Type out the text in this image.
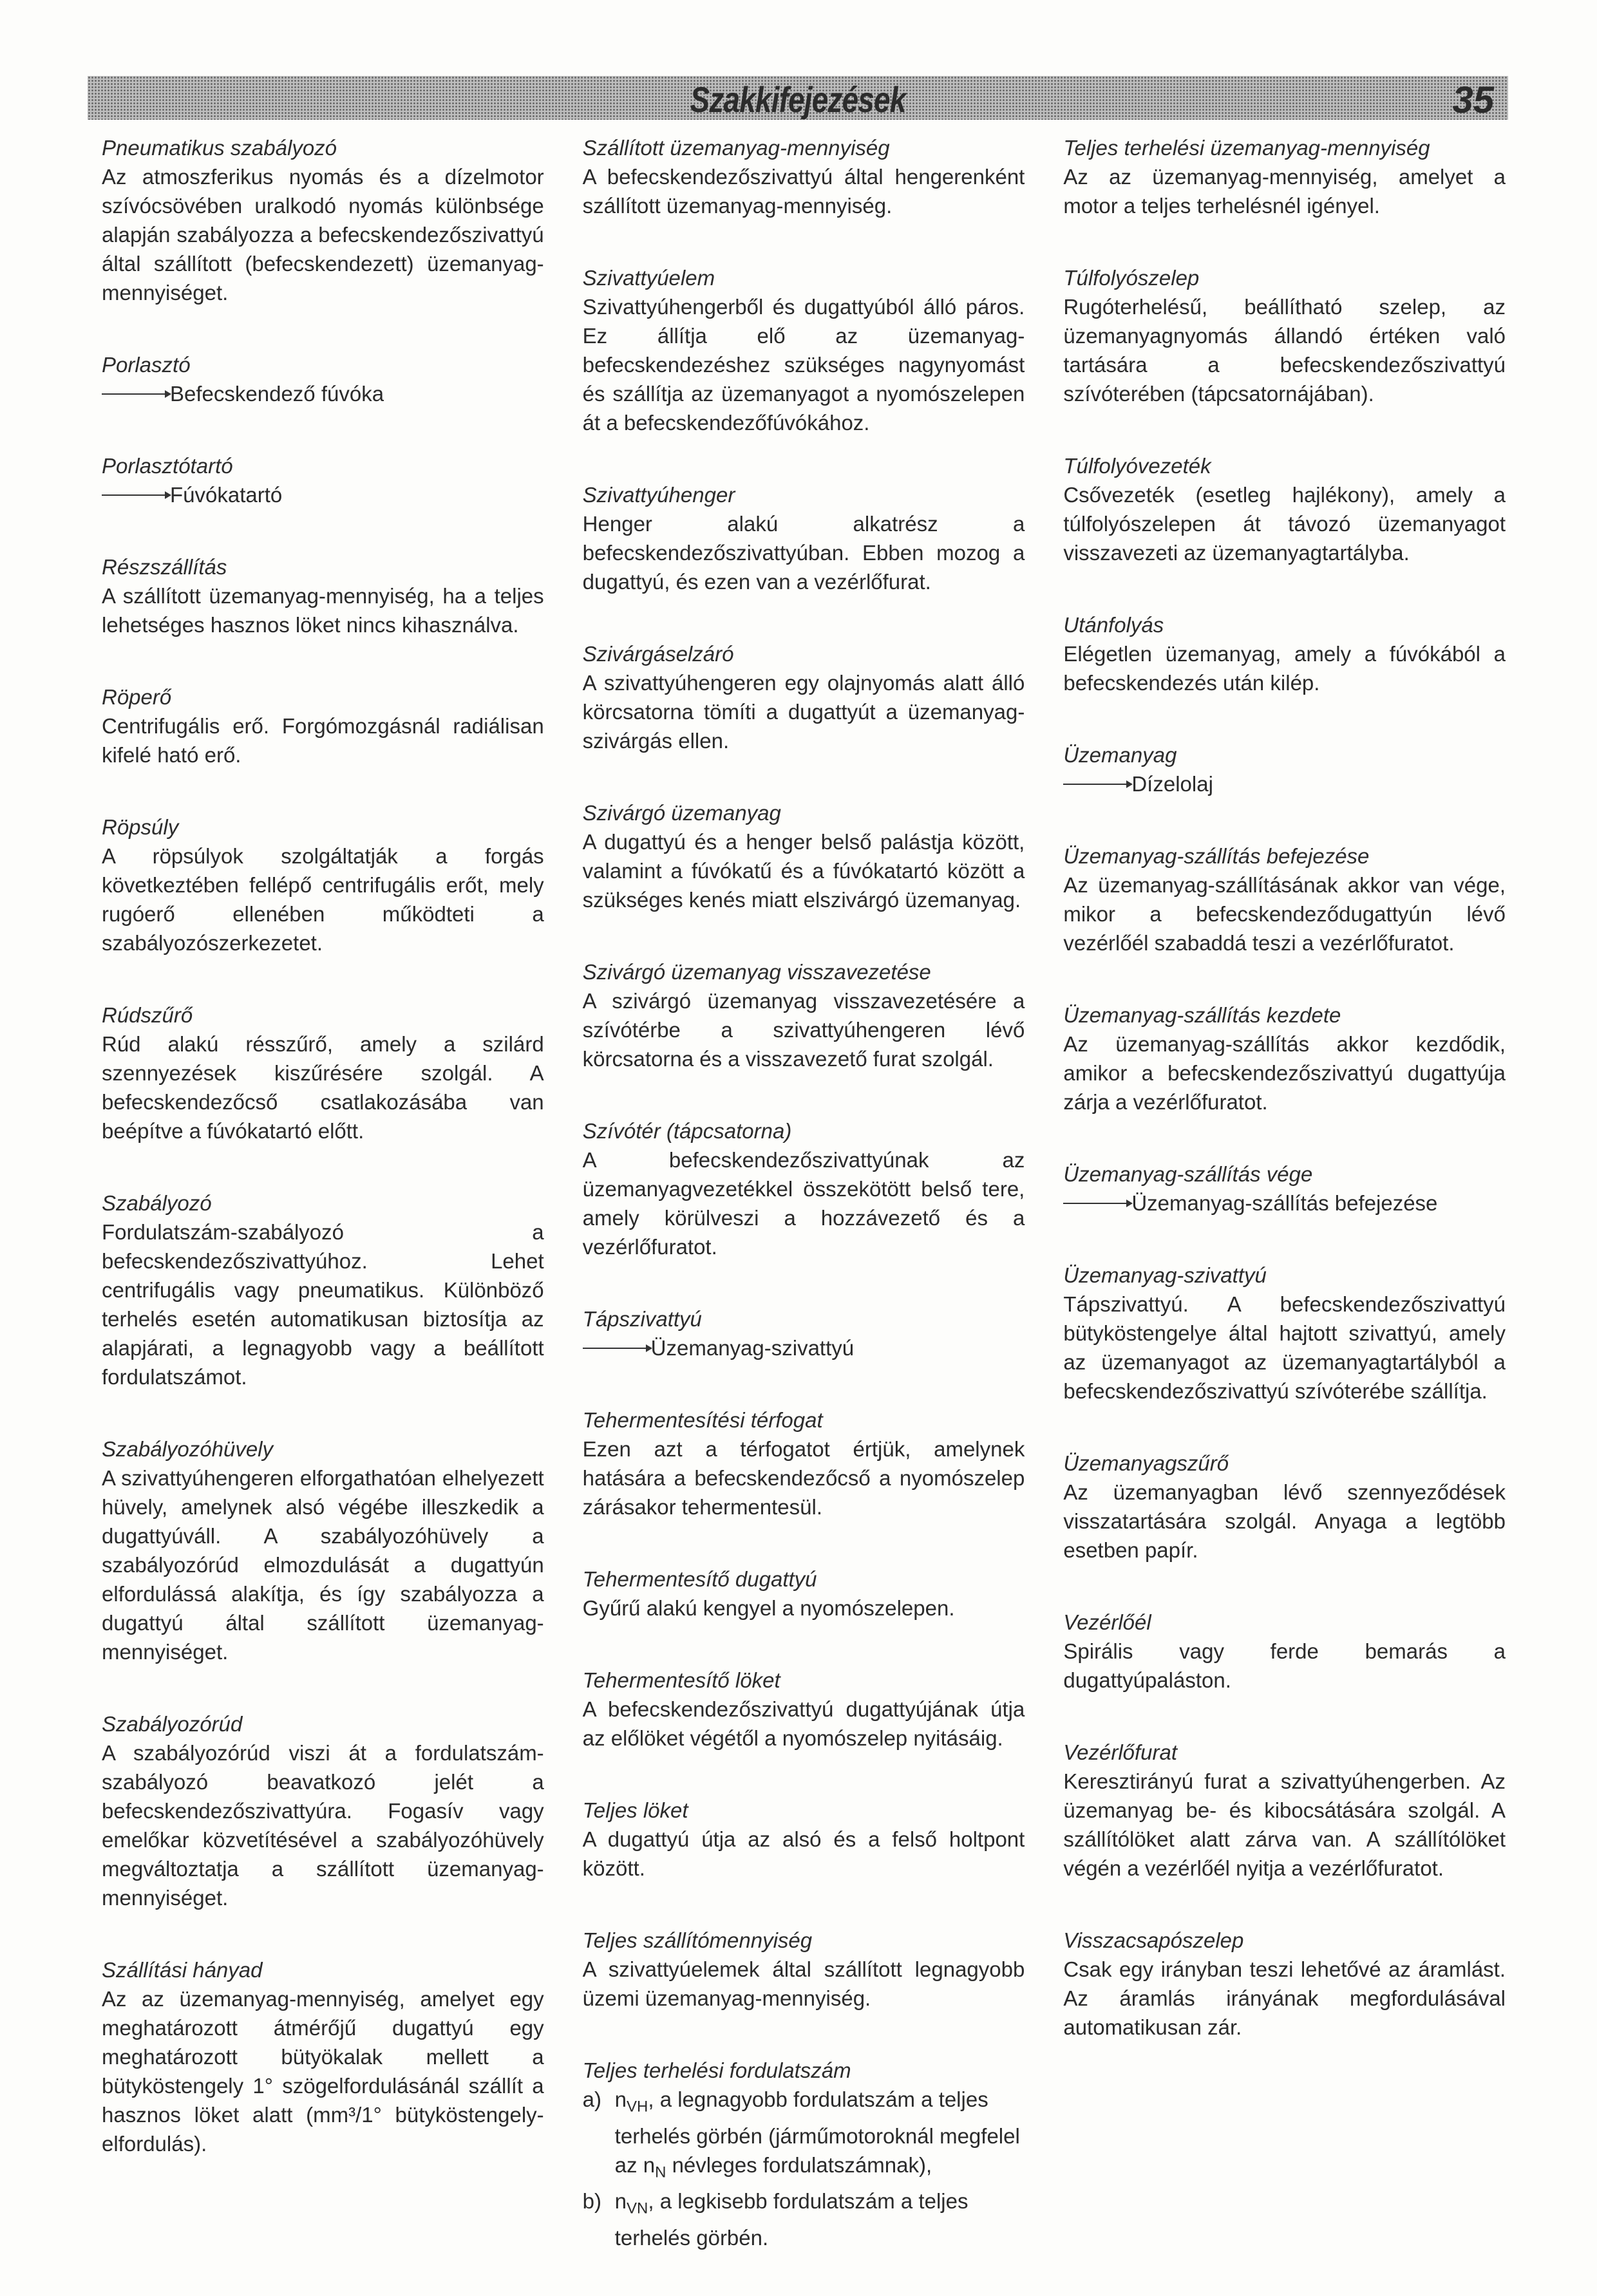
Szakkifejezések	35
Pneumatikus szabályozó
Az atmoszferikus nyomás és a dízelmotor szívócsövében uralkodó nyomás különbsége alapján szabályozza a befecskendezőszivattyú által szállított (befecskendezett) üzemanyag-mennyiséget.
Porlasztó
Befecskendező fúvóka
Porlasztótartó
Fúvókatartó
Részszállítás
A szállított üzemanyag-mennyiség, ha a teljes lehetséges hasznos löket nincs kihasználva.
Röperő
Centrifugális erő. Forgómozgásnál radiálisan kifelé ható erő.
Röpsúly
A röpsúlyok szolgáltatják a forgás következtében fellépő centrifugális erőt, mely rugóerő ellenében működteti a szabályozószerkezetet.
Rúdszűrő
Rúd alakú résszűrő, amely a szilárd szennyezések kiszűrésére szolgál. A befecskendezőcső csatlakozásába van beépítve a fúvókatartó előtt.
Szabályozó
Fordulatszám-szabályozó a befecskendezőszivattyúhoz. Lehet centrifugális vagy pneumatikus. Különböző terhelés esetén automatikusan biztosítja az alapjárati, a legnagyobb vagy a beállított fordulatszámot.
Szabályozóhüvely
A szivattyúhengeren elforgathatóan elhelyezett hüvely, amelynek alsó végébe illeszkedik a dugattyúváll. A szabályozóhüvely a szabályozórúd elmozdulását a dugattyún elfordulássá alakítja, és így szabályozza a dugattyú által szállított üzemanyag-mennyiséget.
Szabályozórúd
A szabályozórúd viszi át a fordulatszám-szabályozó beavatkozó jelét a befecskendezőszivattyúra. Fogasív vagy emelőkar közvetítésével a szabályozóhüvely megváltoztatja a szállított üzemanyag-mennyiséget.
Szállítási hányad
Az az üzemanyag-mennyiség, amelyet egy meghatározott átmérőjű dugattyú egy meghatározott bütyökalak mellett a bütyköstengely 1° szögelfordulásánál szállít a hasznos löket alatt (mm³/1° bütyköstengely-elfordulás).
Szállított üzemanyag-mennyiség
A befecskendezőszivattyú által hengerenként szállított üzemanyag-mennyiség.
Szivattyúelem
Szivattyúhengerből és dugattyúból álló páros. Ez állítja elő az üzemanyag-befecskendezéshez szükséges nagynyomást és szállítja az üzemanyagot a nyomószelepen át a befecskendezőfúvókához.
Szivattyúhenger
Henger alakú alkatrész a befecskendezőszivattyúban. Ebben mozog a dugattyú, és ezen van a vezérlőfurat.
Szivárgáselzáró
A szivattyúhengeren egy olajnyomás alatt álló körcsatorna tömíti a dugattyút a üzemanyag-szivárgás ellen.
Szivárgó üzemanyag
A dugattyú és a henger belső palástja között, valamint a fúvókatű és a fúvókatartó között a szükséges kenés miatt elszivárgó üzemanyag.
Szivárgó üzemanyag visszavezetése
A szivárgó üzemanyag visszavezetésére a szívótérbe a szivattyúhengeren lévő körcsatorna és a visszavezető furat szolgál.
Szívótér (tápcsatorna)
A befecskendezőszivattyúnak az üzemanyagvezetékkel összekötött belső tere, amely körülveszi a hozzávezető és a vezérlőfuratot.
Tápszivattyú
Üzemanyag-szivattyú
Tehermentesítési térfogat
Ezen azt a térfogatot értjük, amelynek hatására a befecskendezőcső a nyomószelep zárásakor tehermentesül.
Tehermentesítő dugattyú
Gyűrű alakú kengyel a nyomószelepen.
Tehermentesítő löket
A befecskendezőszivattyú dugattyújának útja az előlöket végétől a nyomószelep nyitásáig.
Teljes löket
A dugattyú útja az alsó és a felső holtpont között.
Teljes szállítómennyiség
A szivattyúelemek által szállított legnagyobb üzemi üzemanyag-mennyiség.
Teljes terhelési fordulatszám
a) $n_{VH}$, a legnagyobb fordulatszám a teljes terhelés görbén (járműmotoroknál megfelel az $n_N$ névleges fordulatszámnak),
b) $n_{VN}$, a legkisebb fordulatszám a teljes terhelés görbén.
Teljes terhelési üzemanyag-mennyiség
Az az üzemanyag-mennyiség, amelyet a motor a teljes terhelésnél igényel.
Túlfolyószelep
Rugóterhelésű, beállítható szelep, az üzemanyagnyomás állandó értéken való tartására a befecskendezőszivattyú szívóterében (tápcsatornájában).
Túlfolyóvezeték
Csővezeték (esetleg hajlékony), amely a túlfolyószelepen át távozó üzemanyagot visszavezeti az üzemanyagtartályba.
Utánfolyás
Elégetlen üzemanyag, amely a fúvókából a befecskendezés után kilép.
Üzemanyag
Dízelolaj
Üzemanyag-szállítás befejezése
Az üzemanyag-szállításának akkor van vége, mikor a befecskendeződugattyún lévő vezérlőél szabaddá teszi a vezérlőfuratot.
Üzemanyag-szállítás kezdete
Az üzemanyag-szállítás akkor kezdődik, amikor a befecskendezőszivattyú dugattyúja zárja a vezérlőfuratot.
Üzemanyag-szállítás vége
Üzemanyag-szállítás befejezése
Üzemanyag-szivattyú
Tápszivattyú. A befecskendezőszivattyú bütyköstengelye által hajtott szivattyú, amely az üzemanyagot az üzemanyagtartályból a befecskendezőszivattyú szívóterébe szállítja.
Üzemanyagszűrő
Az üzemanyagban lévő szennyeződések visszatartására szolgál. Anyaga a legtöbb esetben papír.
Vezérlőél
Spirális vagy ferde bemarás a dugattyúpaláston.
Vezérlőfurat
Keresztirányú furat a szivattyúhengerben. Az üzemanyag be- és kibocsátására szolgál. A szállítólöket alatt zárva van. A szállítólöket végén a vezérlőél nyitja a vezérlőfuratot.
Visszacsapószelep
Csak egy irányban teszi lehetővé az áramlást. Az áramlás irányának megfordulásával automatikusan zár.
